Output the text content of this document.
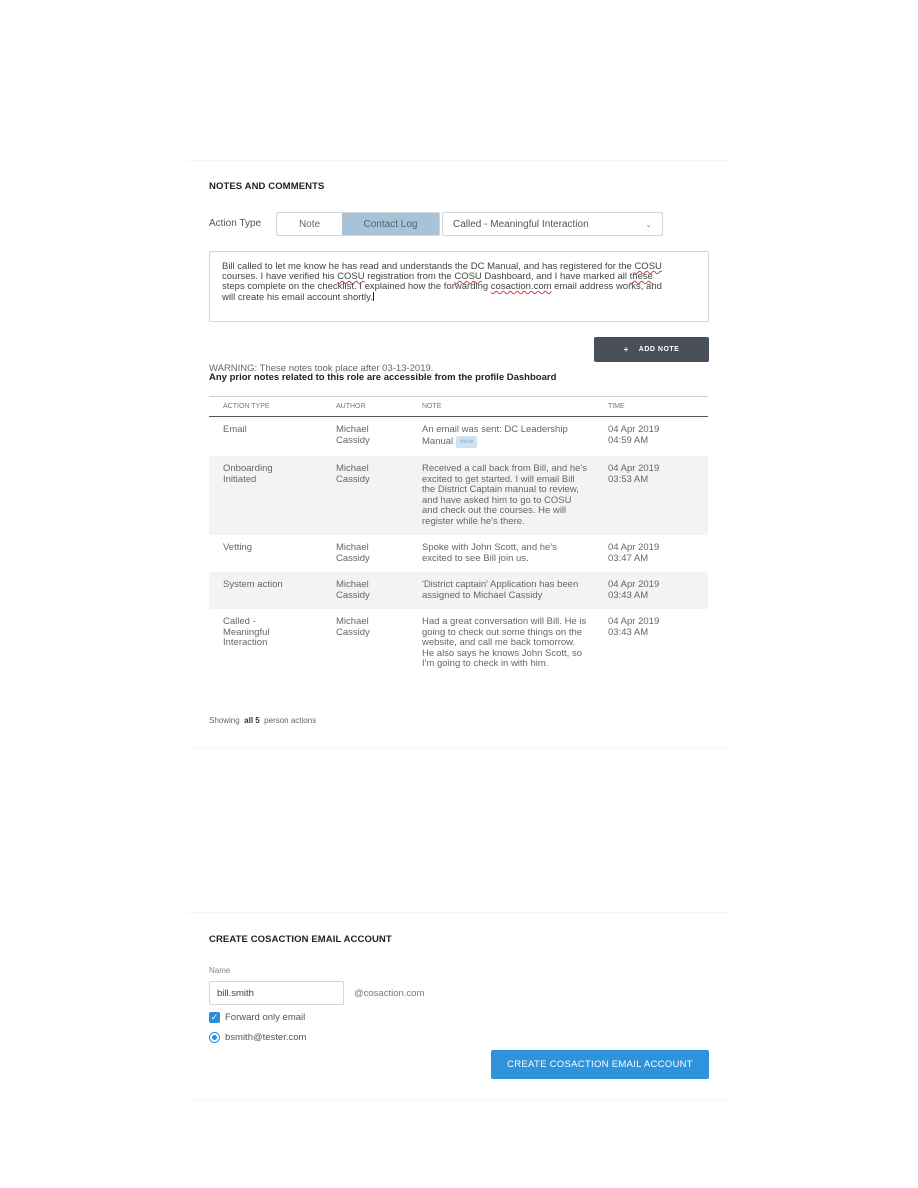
NOTES AND COMMENTS
Action Type	Note	Contact Log	Called - Meaningful Interaction	⌄
Bill called to let me know he has read and understands the DC Manual, and has registered for the COSU
courses. I have verified his COSU registration from the COSU Dashboard, and I have marked all these
steps complete on the checklist. I explained how the forwarding cosaction.com email address works, and
will create his email account shortly.
+ ADD NOTE
WARNING: These notes took place after 03-13-2019.
Any prior notes related to this role are accessible from the profile Dashboard
ACTION TYPE	AUTHOR	NOTE	TIME
Email	Michael Cassidy	An email was sent: DC Leadership Manual view	04 Apr 2019
04:59 AM

Onboarding Initiated	Michael Cassidy	Received a call back from Bill, and he's excited to get started. I will email Bill the District Captain manual to review, and have asked him to go to COSU and check out the courses. He will register while he's there.	04 Apr 2019
03:53 AM

Vetting	Michael Cassidy	Spoke with John Scott, and he's excited to see Bill join us.	04 Apr 2019
03:47 AM

System action	Michael Cassidy	'District captain' Application has been assigned to Michael Cassidy	04 Apr 2019
03:43 AM

Called - Meaningful Interaction	Michael Cassidy	Had a great conversation will Bill. He is going to check out some things on the website, and call me back tomorrow. He also says he knows John Scott, so I'm going to check in with him.	04 Apr 2019
03:43 AM
Showing all 5 person actions
CREATE COSACTION EMAIL ACCOUNT
Name
bill.smith	@cosaction.com
✓ Forward only email
bsmith@tester.com
CREATE COSACTION EMAIL ACCOUNT
